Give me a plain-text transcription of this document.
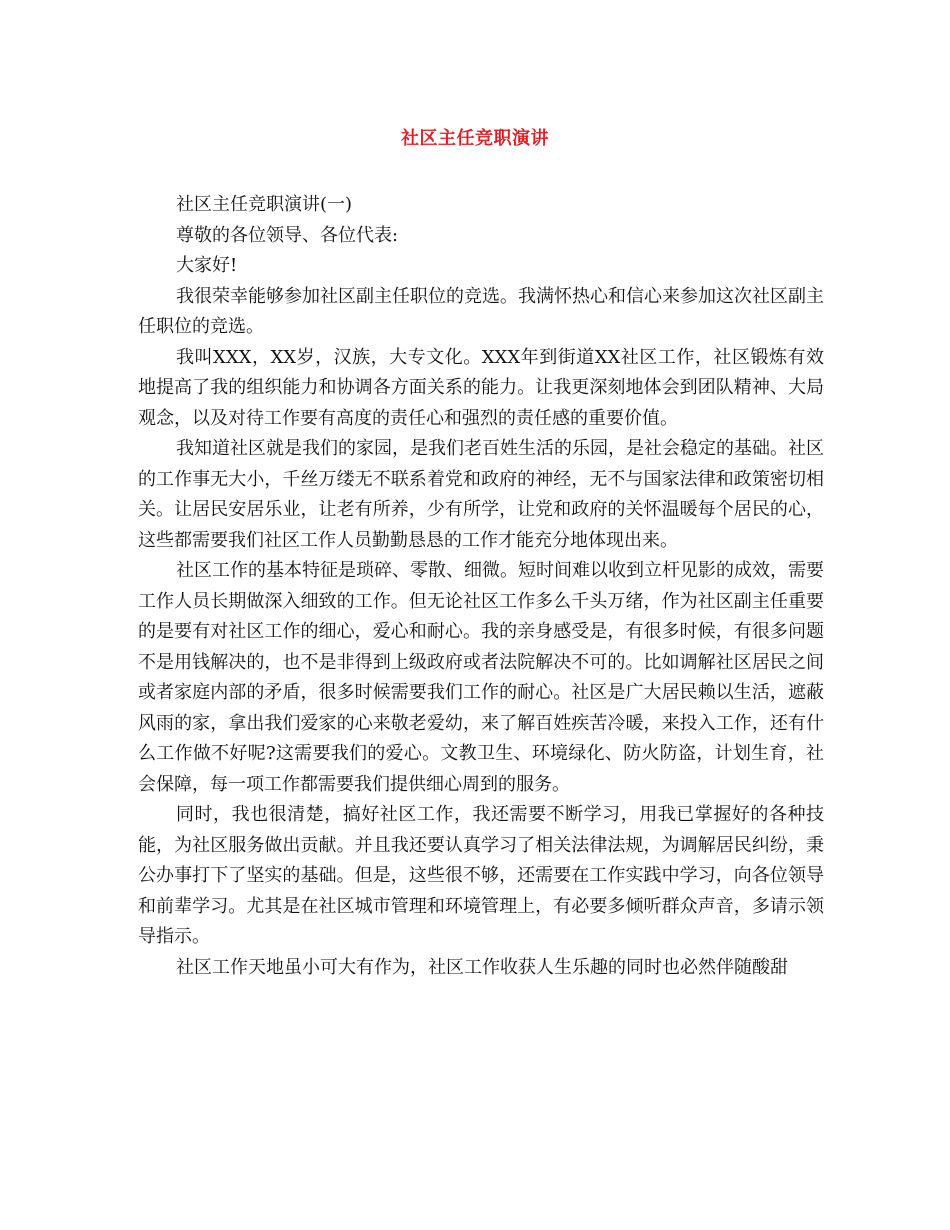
社区主任竞职演讲

社区主任竞职演讲(一)

尊敬的各位领导、各位代表:

大家好!

我很荣幸能够参加社区副主任职位的竞选。我满怀热心和信心来参加这次社区副主任职位的竞选。

我叫XXX，XX岁，汉族，大专文化。XXX年到街道XX社区工作，社区锻炼有效地提高了我的组织能力和协调各方面关系的能力。让我更深刻地体会到团队精神、大局观念，以及对待工作要有高度的责任心和强烈的责任感的重要价值。

我知道社区就是我们的家园，是我们老百姓生活的乐园，是社会稳定的基础。社区的工作事无大小，千丝万缕无不联系着党和政府的神经，无不与国家法律和政策密切相关。让居民安居乐业，让老有所养，少有所学，让党和政府的关怀温暖每个居民的心，这些都需要我们社区工作人员勤勤恳恳的工作才能充分地体现出来。

社区工作的基本特征是琐碎、零散、细微。短时间难以收到立杆见影的成效，需要工作人员长期做深入细致的工作。但无论社区工作多么千头万绪，作为社区副主任重要的是要有对社区工作的细心，爱心和耐心。我的亲身感受是，有很多时候，有很多问题不是用钱解决的，也不是非得到上级政府或者法院解决不可的。比如调解社区居民之间或者家庭内部的矛盾，很多时候需要我们工作的耐心。社区是广大居民赖以生活，遮蔽风雨的家，拿出我们爱家的心来敬老爱幼，来了解百姓疾苦冷暖，来投入工作，还有什么工作做不好呢?这需要我们的爱心。文教卫生、环境绿化、防火防盗，计划生育，社会保障，每一项工作都需要我们提供细心周到的服务。

同时，我也很清楚，搞好社区工作，我还需要不断学习，用我已掌握好的各种技能，为社区服务做出贡献。并且我还要认真学习了相关法律法规，为调解居民纠纷，秉公办事打下了坚实的基础。但是，这些很不够，还需要在工作实践中学习，向各位领导和前辈学习。尤其是在社区城市管理和环境管理上，有必要多倾听群众声音，多请示领导指示。

社区工作天地虽小可大有作为，社区工作收获人生乐趣的同时也必然伴随酸甜
